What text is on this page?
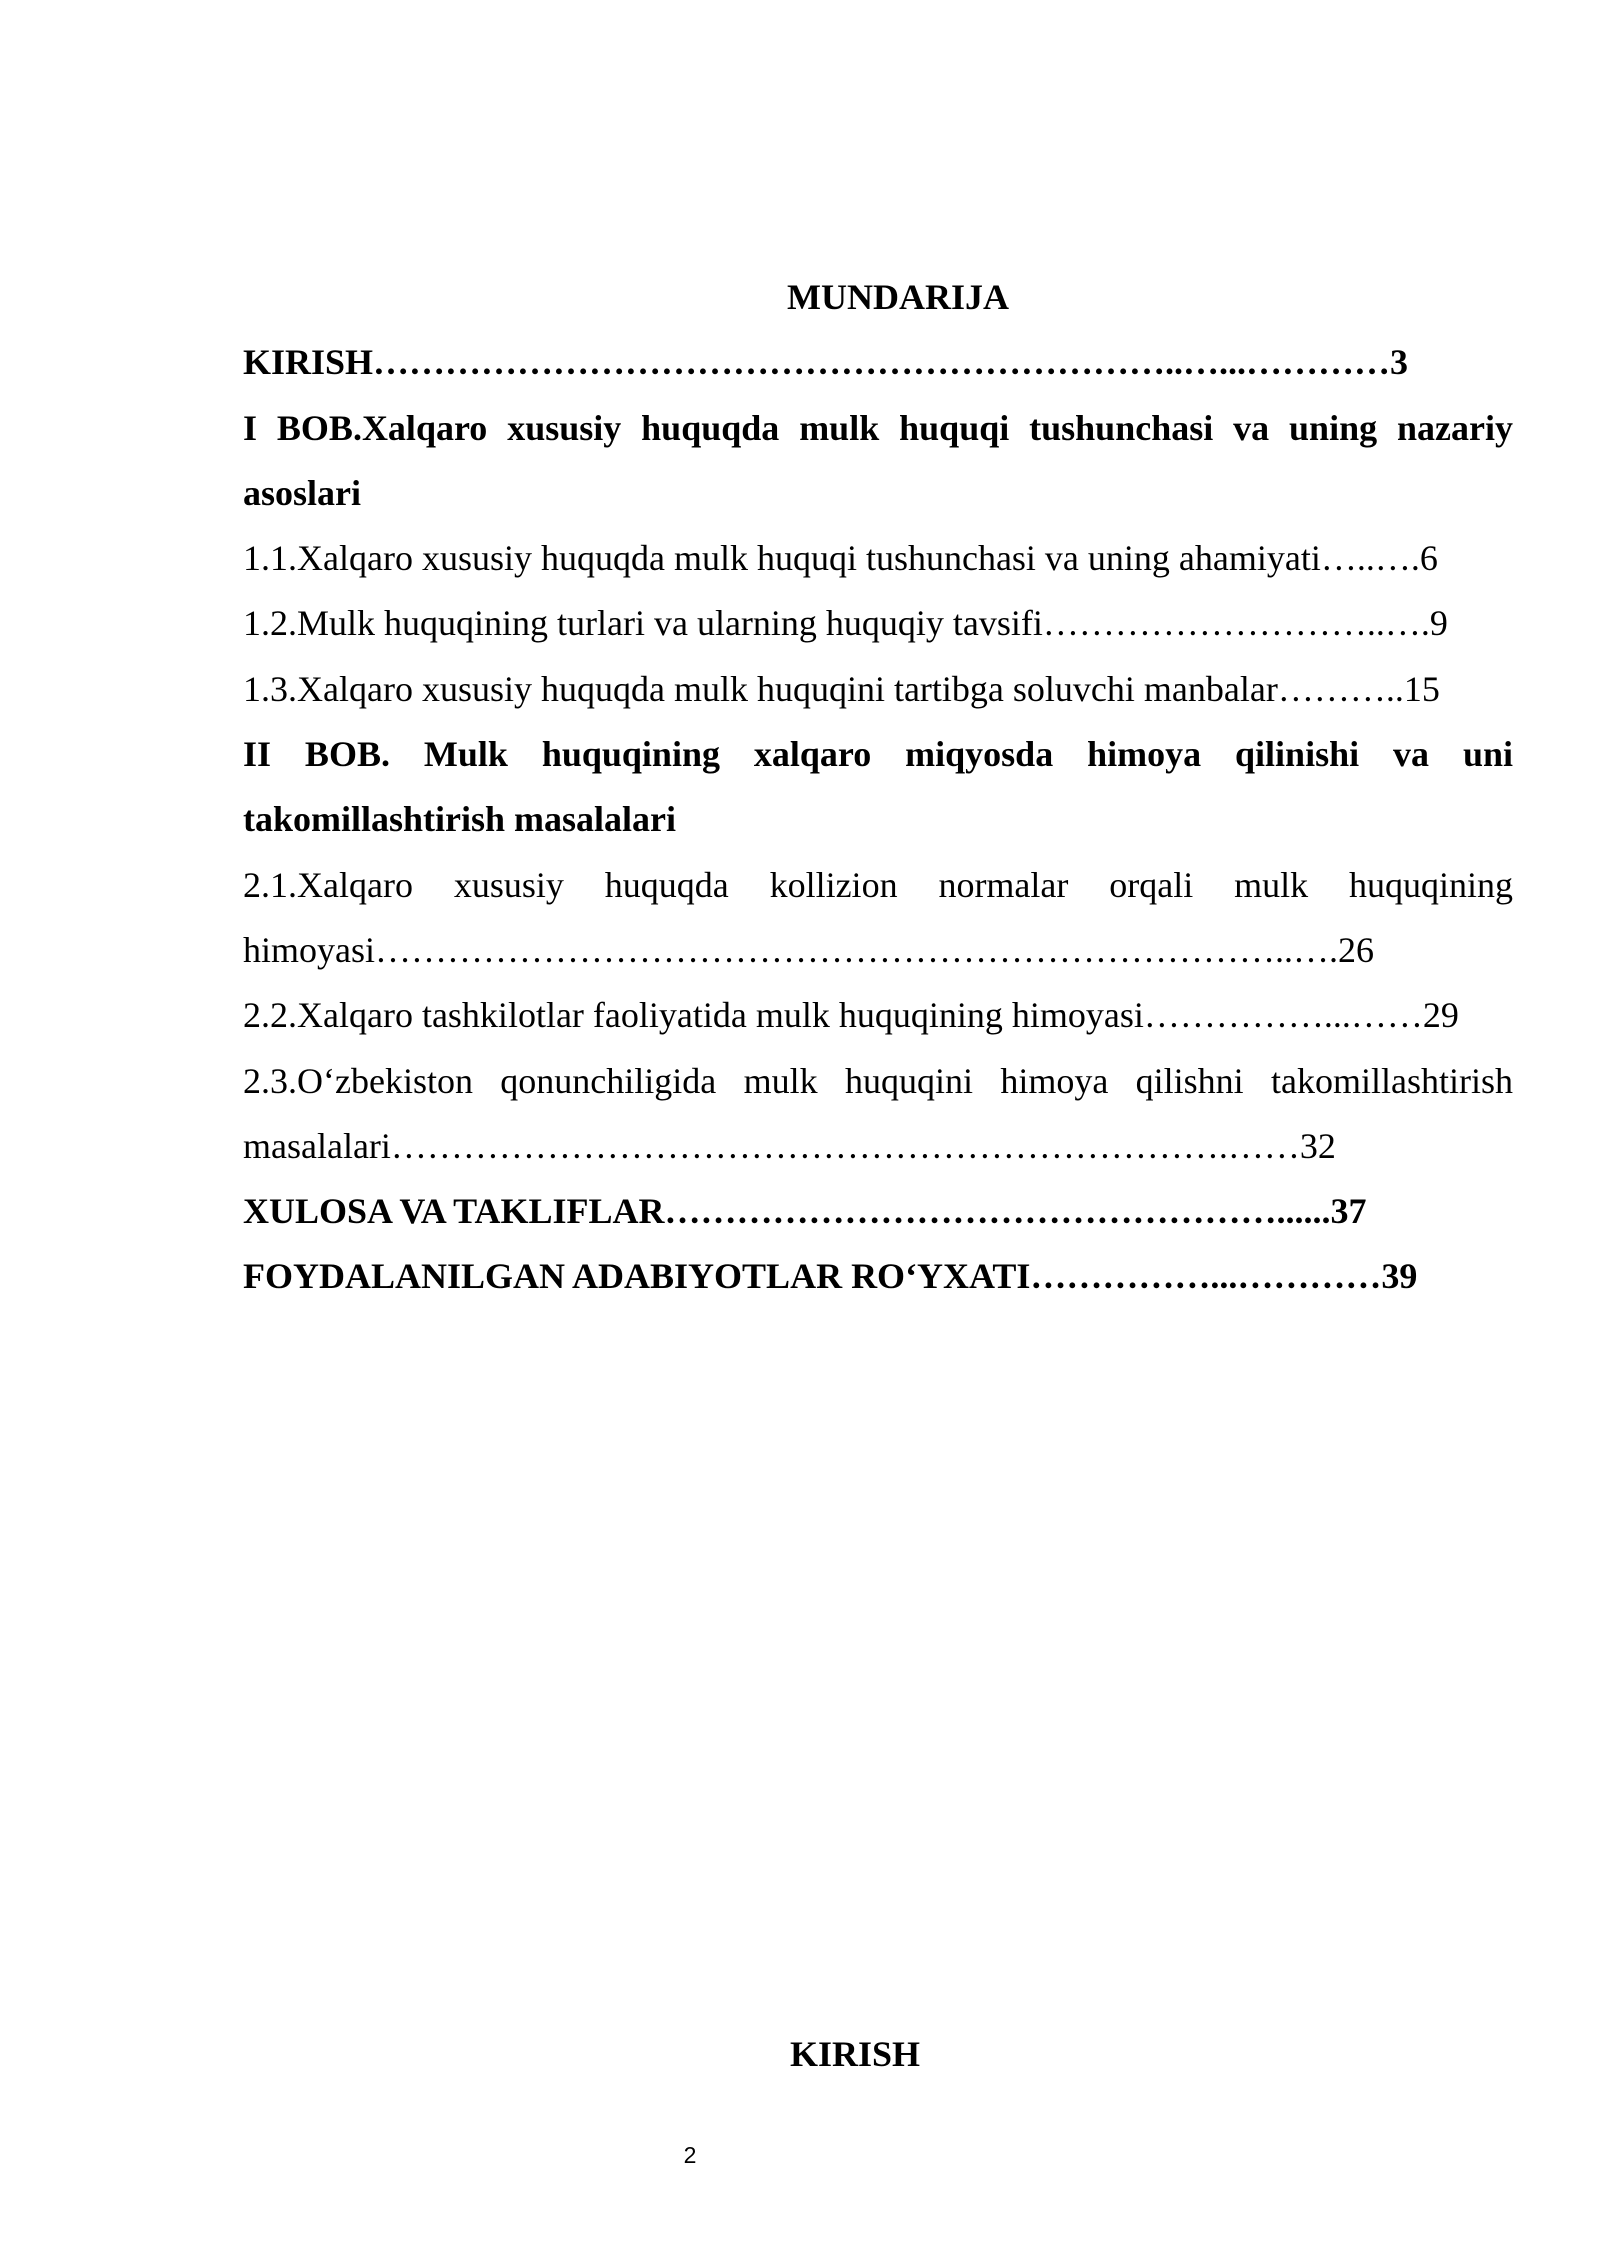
MUNDARIJA
KIRISH…………………………………………………………..…...…………3
I BOB.Xalqaro xususiy huquqda mulk huquqi tushunchasi va uning nazariy asoslari
1.1.Xalqaro xususiy huquqda mulk huquqi tushunchasi va uning ahamiyati…..….6
1.2.Mulk huquqining turlari va ularning huquqiy tavsifi………………………..….9
1.3.Xalqaro xususiy huquqda mulk huquqini tartibga soluvchi manbalar………..15
II BOB. Mulk huquqining xalqaro miqyosda himoya qilinishi va uni takomillashtirish masalalari
2.1.Xalqaro xususiy huquqda kollizion normalar orqali mulk huquqining himoyasi…………………………………………………………………..….26
2.2.Xalqaro tashkilotlar faoliyatida mulk huquqining himoyasi……………...……29
2.3.O‘zbekiston qonunchiligida mulk huquqini himoya qilishni takomillashtirish masalalari…………………………………………………………….……32
XULOSA VA TAKLIFLAR……………………………………………......37
FOYDALANILGAN ADABIYOTLAR RO‘YXATI……………...…………39
KIRISH
2
